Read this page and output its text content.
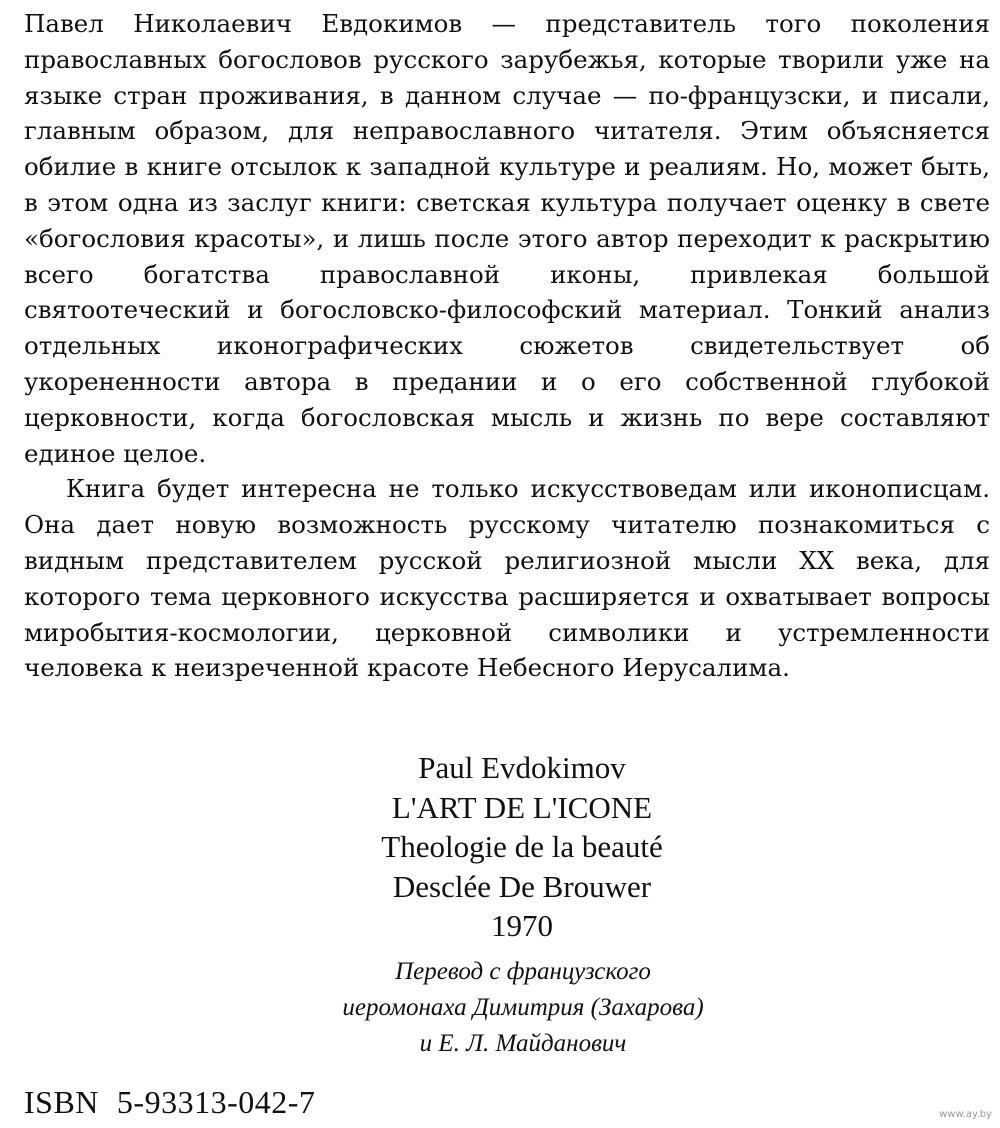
Павел Николаевич Евдокимов — представитель того поколения православных богословов русского зарубежья, которые творили уже на языке стран проживания, в данном случае — по-французски, и писали, главным образом, для неправославного читателя. Этим объясняется обилие в книге отсылок к западной культуре и реалиям. Но, может быть, в этом одна из заслуг книги: светская культура получает оценку в свете «богословия красоты», и лишь после этого автор переходит к раскрытию всего богатства православной иконы, привлекая большой святоотеческий и богословско-философский материал. Тонкий анализ отдельных иконографических сюжетов свидетельствует об укорененности автора в предании и о его собственной глубокой церковности, когда богословская мысль и жизнь по вере составляют единое целое.

Книга будет интересна не только искусствоведам или иконописцам. Она дает новую возможность русскому читателю познакомиться с видным представителем русской религиозной мысли XX века, для которого тема церковного искусства расширяется и охватывает вопросы миробытия-космологии, церковной символики и устремленности человека к неизреченной красоте Небесного Иерусалима.

Paul Evdokimov
L'ART DE L'ICONE
Theologie de la beauté
Desclée De Brouwer
1970
Перевод с французского
иеромонаха Димитрия (Захарова)
и Е. Л. Майданович
ISBN 5-93313-042-7	www.ay.by
